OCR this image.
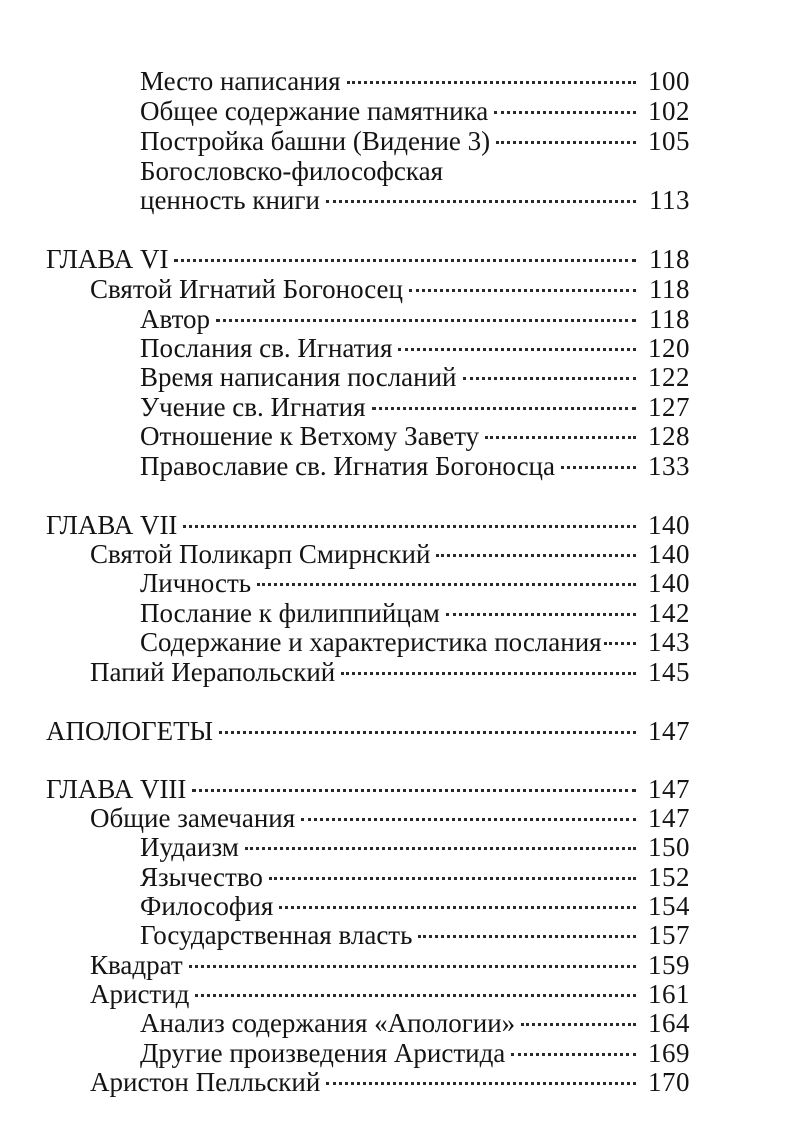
Место написания	100
Общее содержание памятника	102
Постройка башни (Видение 3)	105
Богословско-философская
ценность книги	113
ГЛАВА VI	118
Святой Игнатий Богоносец	118
Автор	118
Послания св. Игнатия	120
Время написания посланий	122
Учение св. Игнатия	127
Отношение к Ветхому Завету	128
Православие св. Игнатия Богоносца	133
ГЛАВА VII	140
Святой Поликарп Смирнский	140
Личность	140
Послание к филиппийцам	142
Содержание и характеристика послания 143
Папий Иерапольский	145
АПОЛОГЕТЫ	147
ГЛАВА VIII	147
Общие замечания	147
Иудаизм	150
Язычество	152
Философия	154
Государственная власть	157
Квадрат	159
Аристид	161
Анализ содержания «Апологии»	164
Другие произведения Аристида	169
Аристон Пелльский	170
